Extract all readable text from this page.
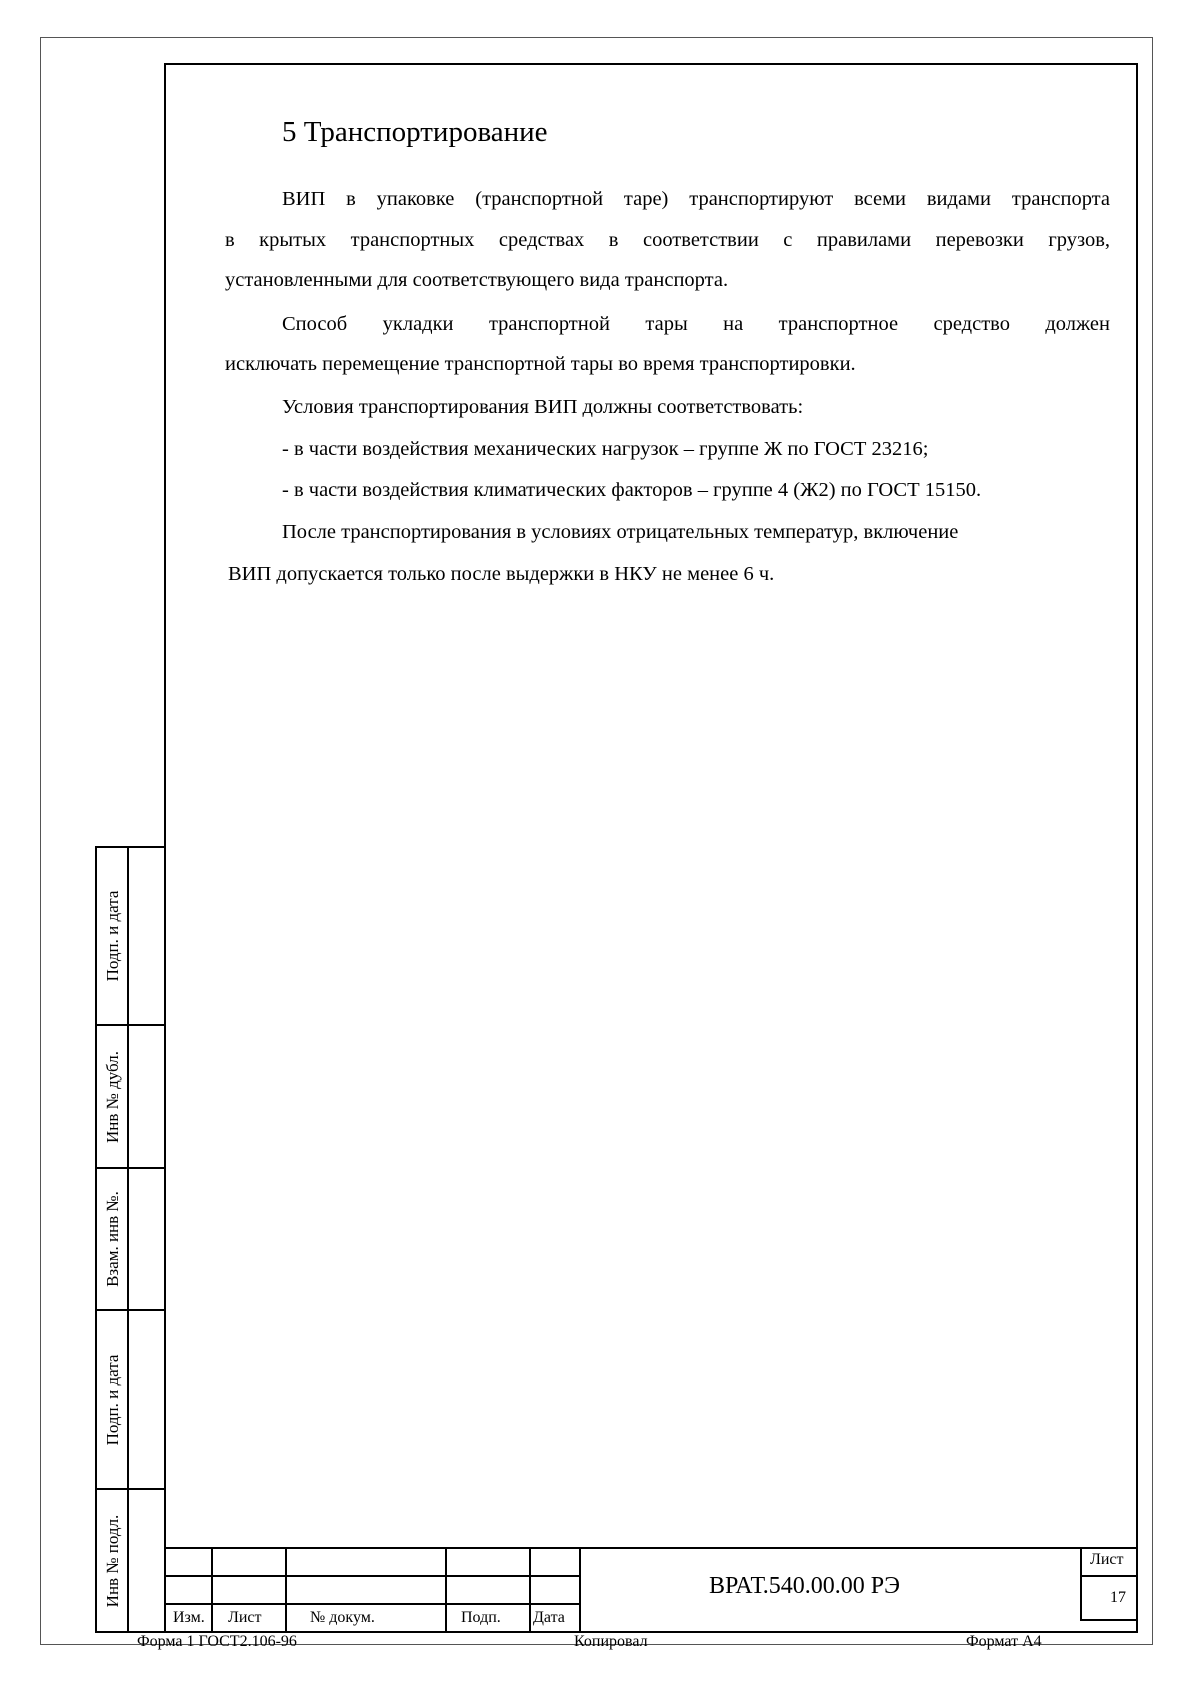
5 Транспортирование
ВИП в упаковке (транспортной таре) транспортируют всеми видами транспорта
в крытых транспортных средствах в соответствии с правилами перевозки грузов,
установленными для соответствующего вида транспорта.
Способ укладки транспортной тары на транспортное средство должен
исключать перемещение транспортной тары во время транспортировки.
Условия транспортирования ВИП должны соответствовать:
- в части воздействия механических нагрузок – группе Ж по ГОСТ 23216;
- в части воздействия климатических факторов – группе 4 (Ж2) по ГОСТ 15150.
После транспортирования в условиях отрицательных температур, включение
ВИП допускается только после выдержки в НКУ не менее 6 ч.
Подп. и дата
Инв № дубл.
Взам. инв №.
Подп. и дата
Инв № подл.
Изм. Лист	№ докум.	Подп. Дата
ВРАТ.540.00.00 РЭ
Лист
17
Форма 1 ГОСТ2.106-96	Копировал	Формат А4
